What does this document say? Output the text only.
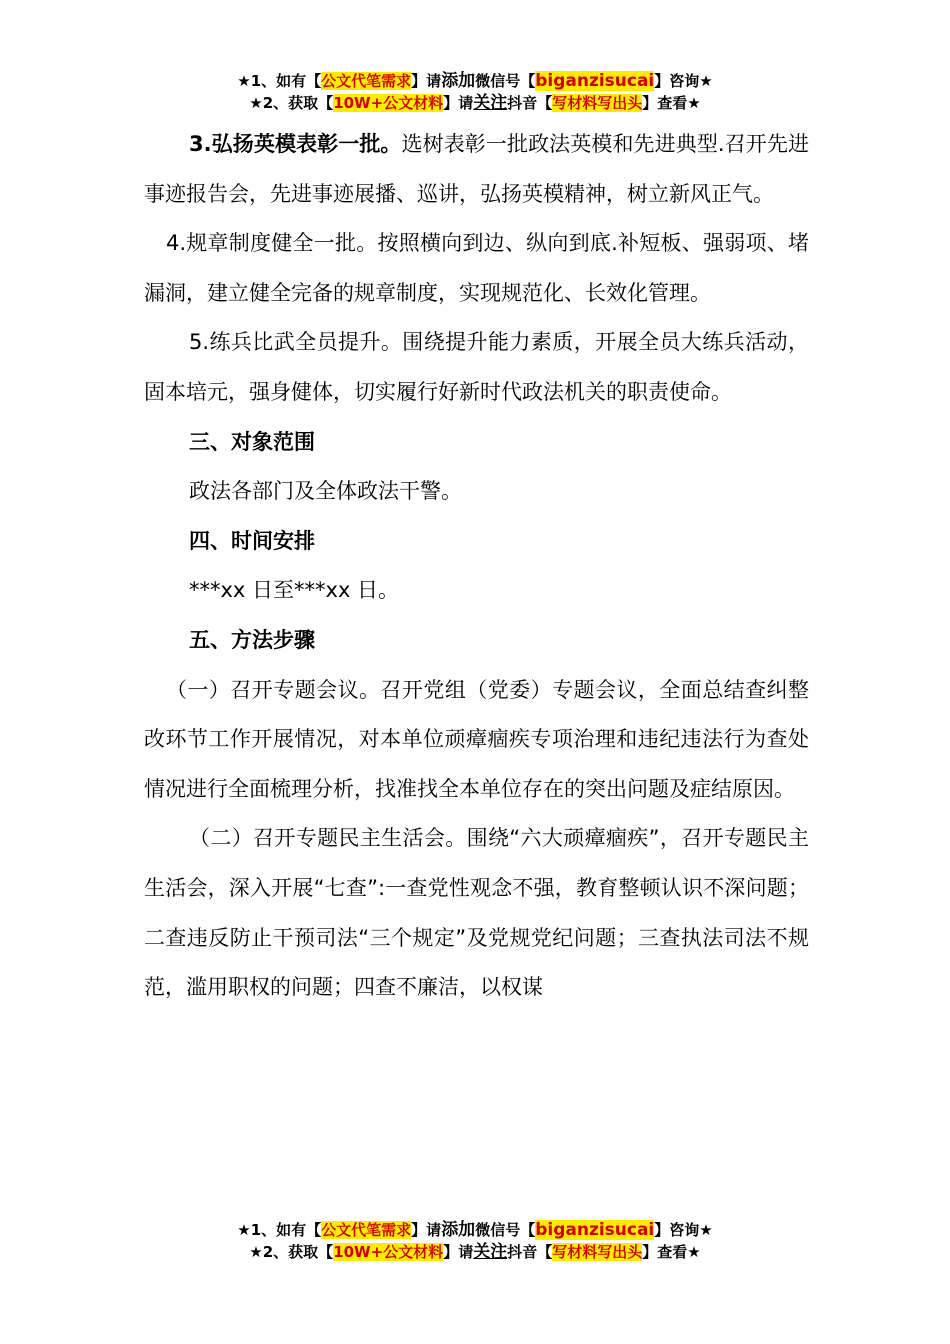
★1、如有【公文代笔需求】请添加微信号【biganzisucai】咨询★
★2、获取【10W+公文材料】请关注抖音【写材料写出头】查看★

3.弘扬英模表彰一批。选树表彰一批政法英模和先进典型.召开先进事迹报告会，先进事迹展播、巡讲，弘扬英模精神，树立新风正气。

4.规章制度健全一批。按照横向到边、纵向到底.补短板、强弱项、堵漏洞，建立健全完备的规章制度，实现规范化、长效化管理。

5.练兵比武全员提升。围绕提升能力素质，开展全员大练兵活动，固本培元，强身健体，切实履行好新时代政法机关的职责使命。

三、对象范围

政法各部门及全体政法干警。

四、时间安排

***xx 日至***xx 日。

五、方法步骤

（一）召开专题会议。召开党组（党委）专题会议，全面总结查纠整改环节工作开展情况，对本单位顽瘴痼疾专项治理和违纪违法行为查处情况进行全面梳理分析，找准找全本单位存在的突出问题及症结原因。

（二）召开专题民主生活会。围绕“六大顽瘴痼疾”，召开专题民主生活会，深入开展“七查”:一查党性观念不强，教育整顿认识不深问题；二查违反防止干预司法“三个规定”及党规党纪问题；三查执法司法不规范，滥用职权的问题；四查不廉洁，以权谋

★1、如有【公文代笔需求】请添加微信号【biganzisucai】咨询★
★2、获取【10W+公文材料】请关注抖音【写材料写出头】查看★
